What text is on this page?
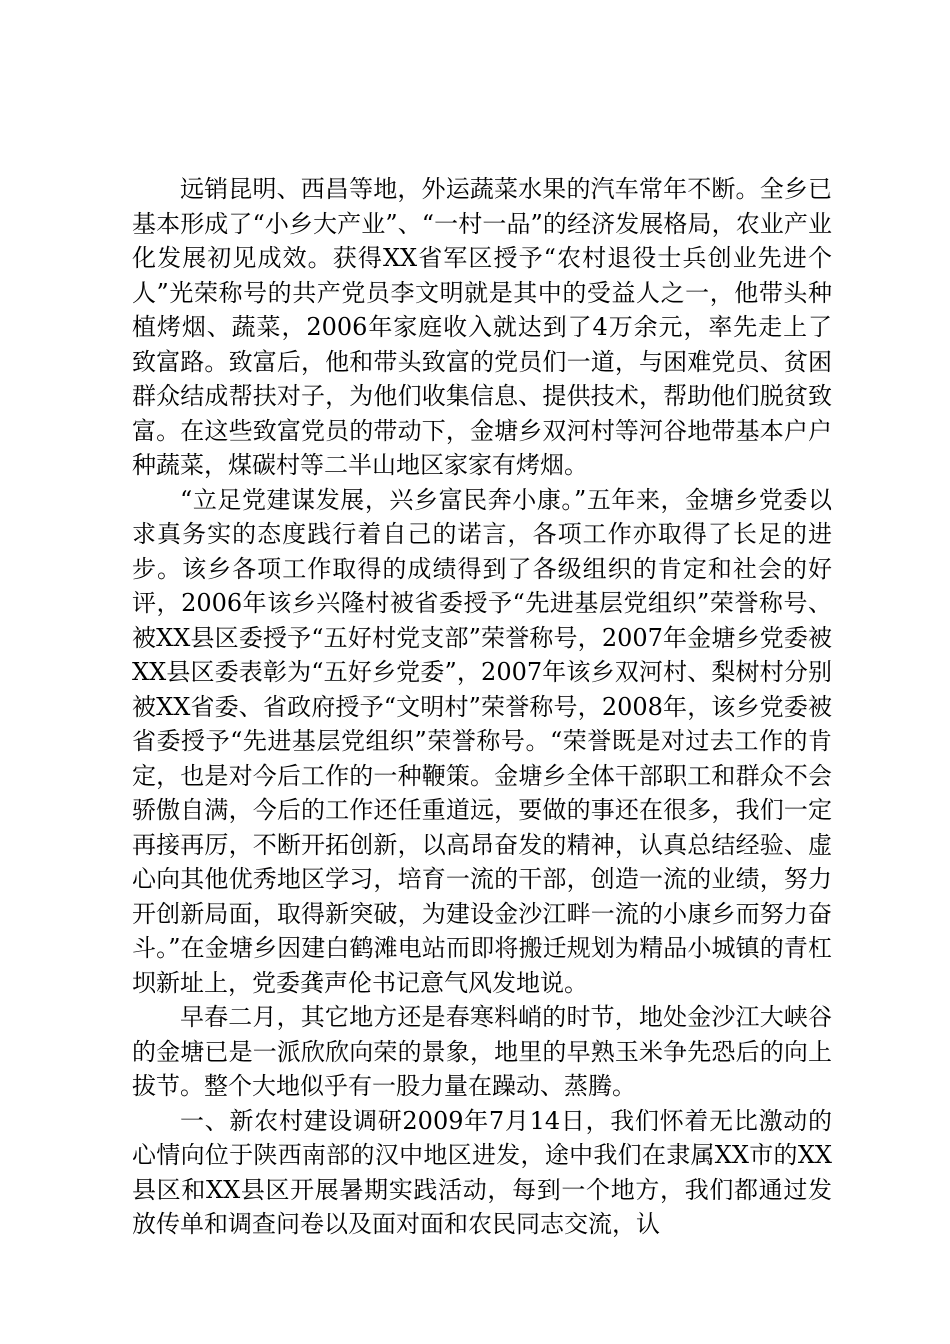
远销昆明、西昌等地，外运蔬菜水果的汽车常年不断。全乡已基本形成了“小乡大产业”、“一村一品”的经济发展格局，农业产业化发展初见成效。获得XX省军区授予“农村退役士兵创业先进个人”光荣称号的共产党员李文明就是其中的受益人之一，他带头种植烤烟、蔬菜，2006年家庭收入就达到了4万余元，率先走上了致富路。致富后，他和带头致富的党员们一道，与困难党员、贫困群众结成帮扶对子，为他们收集信息、提供技术，帮助他们脱贫致富。在这些致富党员的带动下，金塘乡双河村等河谷地带基本户户种蔬菜，煤碳村等二半山地区家家有烤烟。

“立足党建谋发展，兴乡富民奔小康。”五年来，金塘乡党委以求真务实的态度践行着自己的诺言，各项工作亦取得了长足的进步。该乡各项工作取得的成绩得到了各级组织的肯定和社会的好评，2006年该乡兴隆村被省委授予“先进基层党组织”荣誉称号、被XX县区委授予“五好村党支部”荣誉称号，2007年金塘乡党委被XX县区委表彰为“五好乡党委”，2007年该乡双河村、梨树村分别被XX省委、省政府授予“文明村”荣誉称号，2008年，该乡党委被省委授予“先进基层党组织”荣誉称号。“荣誉既是对过去工作的肯定，也是对今后工作的一种鞭策。金塘乡全体干部职工和群众不会骄傲自满，今后的工作还任重道远，要做的事还在很多，我们一定再接再厉，不断开拓创新，以高昂奋发的精神，认真总结经验、虚心向其他优秀地区学习，培育一流的干部，创造一流的业绩，努力开创新局面，取得新突破，为建设金沙江畔一流的小康乡而努力奋斗。”在金塘乡因建白鹤滩电站而即将搬迁规划为精品小城镇的青杠坝新址上，党委龚声伦书记意气风发地说。

早春二月，其它地方还是春寒料峭的时节，地处金沙江大峡谷的金塘已是一派欣欣向荣的景象，地里的早熟玉米争先恐后的向上拔节。整个大地似乎有一股力量在躁动、蒸腾。

一、新农村建设调研2009年7月14日，我们怀着无比激动的心情向位于陕西南部的汉中地区进发，途中我们在隶属XX市的XX县区和XX县区开展暑期实践活动，每到一个地方，我们都通过发放传单和调查问卷以及面对面和农民同志交流，认
